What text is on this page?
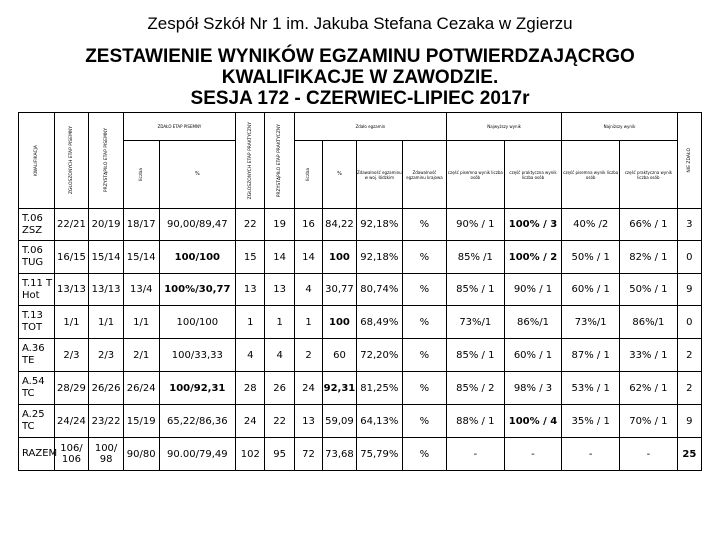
Zespół Szkół Nr 1 im. Jakuba Stefana Cezaka w Zgierzu
ZESTAWIENIE WYNIKÓW EGZAMINU POTWIERDZAJĄCRGO
KWALIFIKACJE W ZAWODZIE.
SESJA 172 - CZERWIEC-LIPIEC 2017r
KWALIFIKACJA	ZGŁOSZONYCH ETAP PISEMNY	PRZYSTĄPIŁO ETAP PISEMNY	ZDAŁO ETAP PISEMNY		ZGŁOSZONYCH ETAP PRAKTYCZNY	PRZYSTĄPIŁO ETAP PRAKTYCZNY	Zdało egzamin				Najwyższy wynik		Najniższy wynik		NIE ZDAŁO

			liczba	%			liczba	%	Zdawalność egzaminu w woj. łódzkim	Zdawalność egzaminu krajowa	część pisemna wynik liczba osób	część praktyczna wynik liczba osób	część pisemna wynik liczba osób	część praktyczna wynik liczba osób	
T.06 ZSZ	22/21	20/19	18/17	90,00/89,47	22	19	16	84,22	92,18%	%	90% / 1	100% / 3	40% /2	66% / 1	3
T.06 TUG	16/15	15/14	15/14	100/100	15	14	14	100	92,18%	%	85% /1	100% / 2	50% / 1	82% / 1	0
T.11 T Hot	13/13	13/13	13/4	100%/30,77	13	13	4	30,77	80,74%	%	85% / 1	90% / 1	60% / 1	50% / 1	9
T.13 TOT	1/1	1/1	1/1	100/100	1	1	1	100	68,49%	%	73%/1	86%/1	73%/1	86%/1	0
A.36 TE	2/3	2/3	2/1	100/33,33	4	4	2	60	72,20%	%	85% / 1	60% / 1	87% / 1	33% / 1	2
A.54 TC	28/29	26/26	26/24	100/92,31	28	26	24	92,31	81,25%	%	85% / 2	98% / 3	53% / 1	62% / 1	2
A.25 TC	24/24	23/22	15/19	65,22/86,36	24	22	13	59,09	64,13%	%	88% / 1	100% / 4	35% / 1	70% / 1	9
RAZEM	106/ 106	100/ 98	90/80	90.00/79,49	102	95	72	73,68	75,79%	%	-	-	-	-	25
